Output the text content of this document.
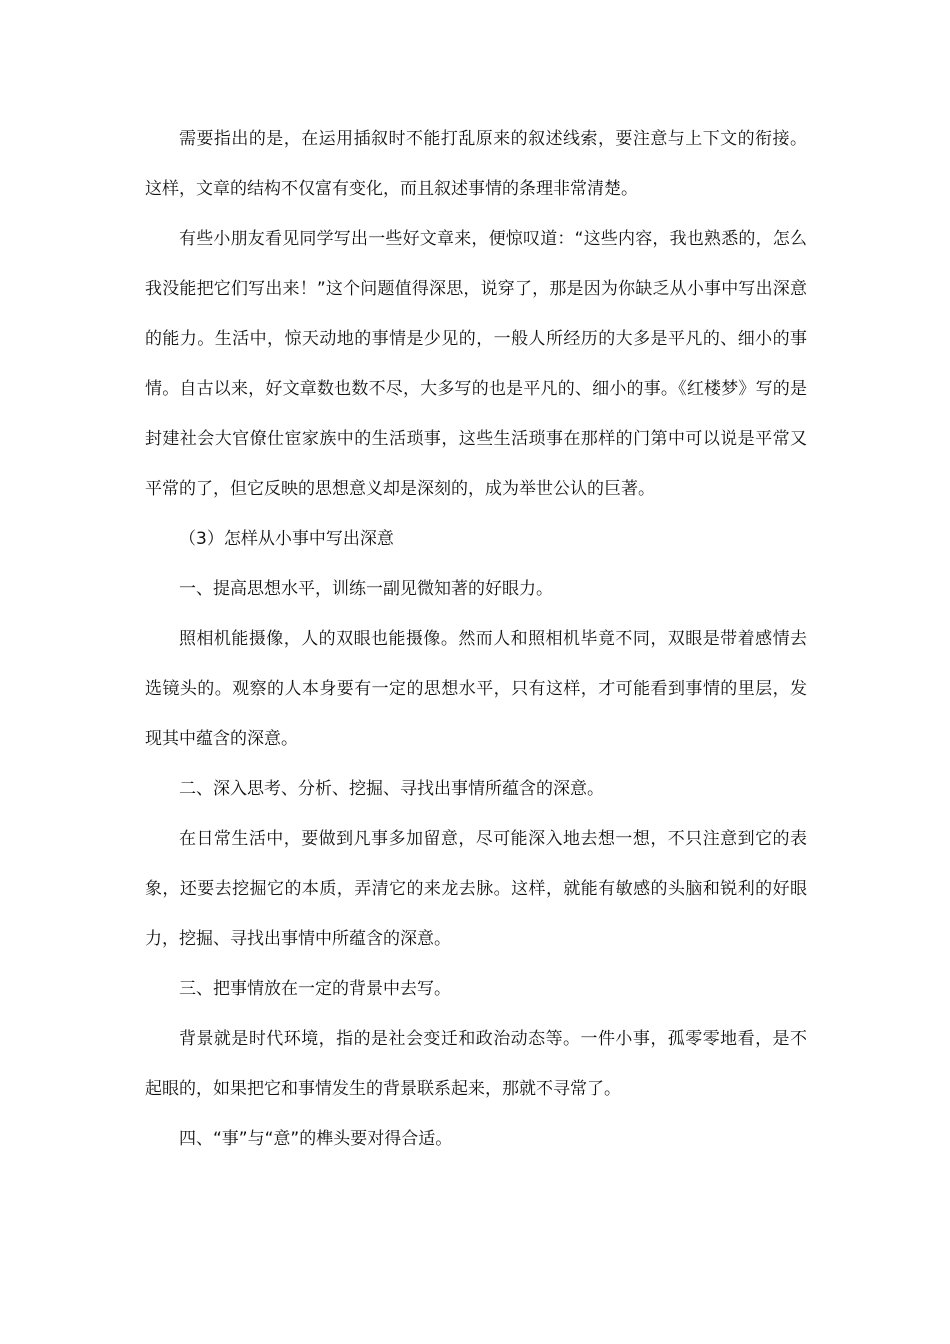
需要指出的是，在运用插叙时不能打乱原来的叙述线索，要注意与上下文的衔接。这样，文章的结构不仅富有变化，而且叙述事情的条理非常清楚。

有些小朋友看见同学写出一些好文章来，便惊叹道：“这些内容，我也熟悉的，怎么我没能把它们写出来！”这个问题值得深思，说穿了，那是因为你缺乏从小事中写出深意的能力。生活中，惊天动地的事情是少见的，一般人所经历的大多是平凡的、细小的事情。自古以来，好文章数也数不尽，大多写的也是平凡的、细小的事。《红楼梦》写的是封建社会大官僚仕宦家族中的生活琐事，这些生活琐事在那样的门第中可以说是平常又平常的了，但它反映的思想意义却是深刻的，成为举世公认的巨著。

（3）怎样从小事中写出深意

一、提高思想水平，训练一副见微知著的好眼力。

照相机能摄像，人的双眼也能摄像。然而人和照相机毕竟不同，双眼是带着感情去选镜头的。观察的人本身要有一定的思想水平，只有这样，才可能看到事情的里层，发现其中蕴含的深意。

二、深入思考、分析、挖掘、寻找出事情所蕴含的深意。

在日常生活中，要做到凡事多加留意，尽可能深入地去想一想，不只注意到它的表象，还要去挖掘它的本质，弄清它的来龙去脉。这样，就能有敏感的头脑和锐利的好眼力，挖掘、寻找出事情中所蕴含的深意。

三、把事情放在一定的背景中去写。

背景就是时代环境，指的是社会变迁和政治动态等。一件小事，孤零零地看，是不起眼的，如果把它和事情发生的背景联系起来，那就不寻常了。

四、“事”与“意”的榫头要对得合适。
